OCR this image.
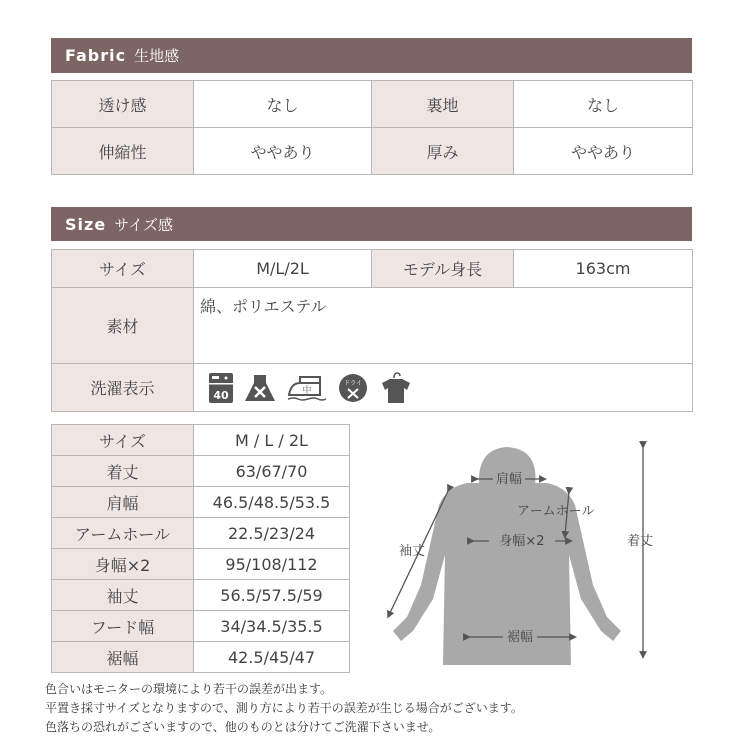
Fabric 生地感
透け感	なし	裏地	なし
伸縮性	ややあり	厚み	ややあり
Size サイズ感
サイズ	M/L/2L	モデル身長	163cm
素材	綿、ポリエステル		
洗濯表示	40 中
ドライ		
サイズ	M / L / 2L
着丈	63/67/70
肩幅	46.5/48.5/53.5
アームホール	22.5/23/24
身幅×2	95/108/112
袖丈	56.5/57.5/59
フード幅	34/34.5/35.5
裾幅	42.5/45/47
肩幅
アームホール
身幅×2
袖丈
着丈
裾幅
色合いはモニターの環境により若干の誤差が出ます。
平置き採寸サイズとなりますので、測り方により若干の誤差が生じる場合がございます。
色落ちの恐れがございますので、他のものとは分けてご洗濯下さいませ。
